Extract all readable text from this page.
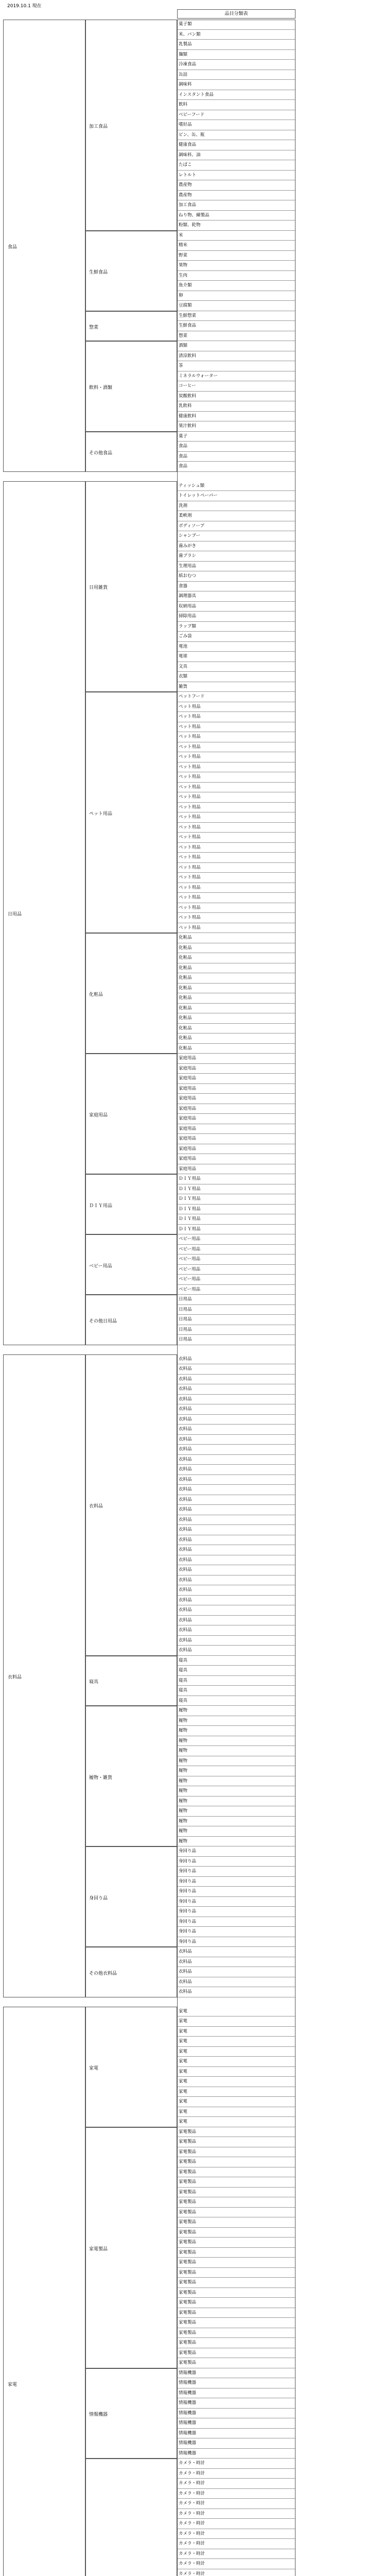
2019.10.1 現在
品目分類表
菓子類
米、パン類
乳製品
麺類
冷凍食品
缶詰
調味料
インスタント食品
飲料
ベビーフード
嗜好品
ビン、缶、瓶
健康食品
調味料、油
たばこ
レトルト
農産物
農産物
加工食品
ねり物、練製品
粉類、乾物
加工食品
米
精米
野菜
果物
生肉
魚介類
卵
豆腐類
生鮮食品
生鮮惣菜
生鮮食品
惣菜
惣菜
酒類
清涼飲料
茶
ミネラルウォーター
コーヒー
炭酸飲料
乳飲料
健康飲料
果汁飲料
飲料・酒類
菓子
食品
食品
食品
その他食品
食品
ティッシュ類
トイレットペーパー
洗剤
柔軟剤
ボディソープ
シャンプー
歯みがき
歯ブラシ
生理用品
紙おむつ
食器
調理器具
収納用品
掃除用品
ラップ類
ごみ袋
電池
電球
文具
衣類
雑貨
日用雑貨
ペットフード
ペット用品
ペット用品
ペット用品
ペット用品
ペット用品
ペット用品
ペット用品
ペット用品
ペット用品
ペット用品
ペット用品
ペット用品
ペット用品
ペット用品
ペット用品
ペット用品
ペット用品
ペット用品
ペット用品
ペット用品
ペット用品
ペット用品
ペット用品
ペット用品
化粧品
化粧品
化粧品
化粧品
化粧品
化粧品
化粧品
化粧品
化粧品
化粧品
化粧品
化粧品
化粧品
家庭用品
家庭用品
家庭用品
家庭用品
家庭用品
家庭用品
家庭用品
家庭用品
家庭用品
家庭用品
家庭用品
家庭用品
家庭用品
ＤＩＹ用品
ＤＩＹ用品
ＤＩＹ用品
ＤＩＹ用品
ＤＩＹ用品
ＤＩＹ用品
ＤＩＹ用品
ベビー用品
ベビー用品
ベビー用品
ベビー用品
ベビー用品
ベビー用品
ベビー用品
日用品
日用品
日用品
日用品
日用品
その他日用品
日用品
衣料品
衣料品
衣料品
衣料品
衣料品
衣料品
衣料品
衣料品
衣料品
衣料品
衣料品
衣料品
衣料品
衣料品
衣料品
衣料品
衣料品
衣料品
衣料品
衣料品
衣料品
衣料品
衣料品
衣料品
衣料品
衣料品
衣料品
衣料品
衣料品
衣料品
衣料品
寝具
寝具
寝具
寝具
寝具
寝具
履物
履物
履物
履物
履物
履物
履物
履物
履物
履物
履物
履物
履物
履物
履物・雑貨
身回り品
身回り品
身回り品
身回り品
身回り品
身回り品
身回り品
身回り品
身回り品
身回り品
身回り品
衣料品
衣料品
衣料品
衣料品
衣料品
その他衣料品
衣料品
家電
家電
家電
家電
家電
家電
家電
家電
家電
家電
家電
家電
家電
家電製品
家電製品
家電製品
家電製品
家電製品
家電製品
家電製品
家電製品
家電製品
家電製品
家電製品
家電製品
家電製品
家電製品
家電製品
家電製品
家電製品
家電製品
家電製品
家電製品
家電製品
家電製品
家電製品
家電製品
家電製品
情報機器
情報機器
情報機器
情報機器
情報機器
情報機器
情報機器
情報機器
情報機器
情報機器
カメラ・時計
カメラ・時計
カメラ・時計
カメラ・時計
カメラ・時計
カメラ・時計
カメラ・時計
カメラ・時計
カメラ・時計
カメラ・時計
カメラ・時計
カメラ・時計
家電
